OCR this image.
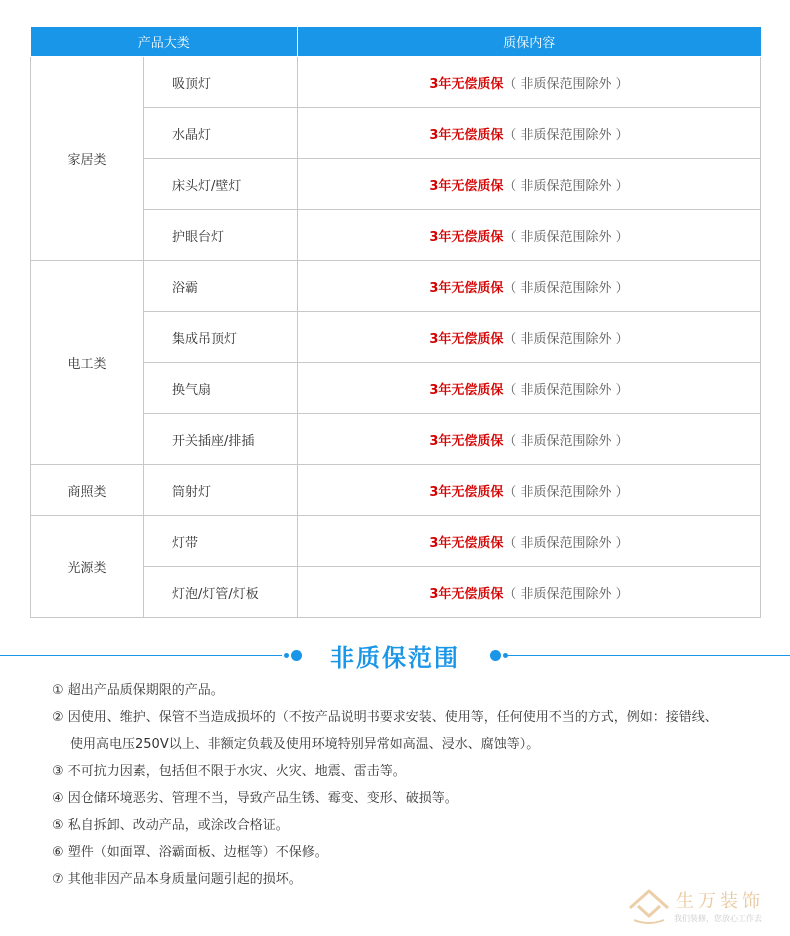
产品大类		质保内容
家居类	吸顶灯	3年无偿质保（ 非质保范围除外 ）
	水晶灯	3年无偿质保（ 非质保范围除外 ）
	床头灯/壁灯	3年无偿质保（ 非质保范围除外 ）
	护眼台灯	3年无偿质保（ 非质保范围除外 ）
电工类	浴霸	3年无偿质保（ 非质保范围除外 ）
	集成吊顶灯	3年无偿质保（ 非质保范围除外 ）
	换气扇	3年无偿质保（ 非质保范围除外 ）
	开关插座/排插	3年无偿质保（ 非质保范围除外 ）
商照类	筒射灯	3年无偿质保（ 非质保范围除外 ）
光源类	灯带	3年无偿质保（ 非质保范围除外 ）
	灯泡/灯管/灯板	3年无偿质保（ 非质保范围除外 ）
非质保范围
① 超出产品质保期限的产品。
② 因使用、维护、保管不当造成损坏的（不按产品说明书要求安装、使用等，任何使用不当的方式，例如：接错线、
使用高电压250V以上、非额定负载及使用环境特别异常如高温、浸水、腐蚀等）。
③ 不可抗力因素，包括但不限于水灾、火灾、地震、雷击等。
④ 因仓储环境恶劣、管理不当，导致产品生锈、霉变、变形、破损等。
⑤ 私自拆卸、改动产品，或涂改合格证。
⑥ 塑件（如面罩、浴霸面板、边框等）不保修。
⑦ 其他非因产品本身质量问题引起的损坏。
生万装饰
我们装修，您放心工作去
